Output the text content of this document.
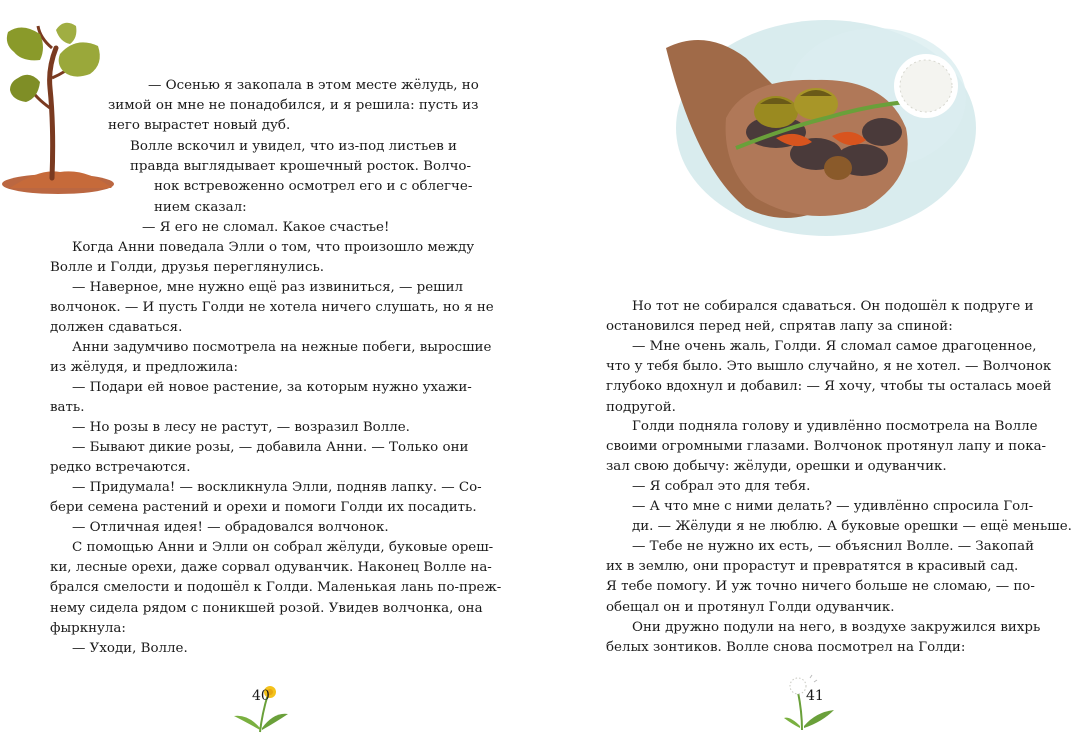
— Осенью я закопала в этом месте жёлудь, но
зимой он мне не понадобился, и я решила: пусть из
него вырастет новый дуб.
Волле вскочил и увидел, что из-под листьев и
правда выглядывает крошечный росток. Волчо-
нок встревоженно осмотрел его и с облегче-
нием сказал:
— Я его не сломал. Какое счастье!
Когда Анни поведала Элли о том, что произошло между
Волле и Голди, друзья переглянулись.
— Наверное, мне нужно ещё раз извиниться, — решил
волчонок. — И пусть Голди не хотела ничего слушать, но я не
должен сдаваться.
Анни задумчиво посмотрела на нежные побеги, выросшие
из жёлудя, и предложила:
— Подари ей новое растение, за которым нужно ухажи-
вать.
— Но розы в лесу не растут, — возразил Волле.
— Бывают дикие розы, — добавила Анни. — Только они
редко встречаются.
— Придумала! — воскликнула Элли, подняв лапку. — Со-
бери семена растений и орехи и помоги Голди их посадить.
— Отличная идея! — обрадовался волчонок.
С помощью Анни и Элли он собрал жёлуди, буковые ореш-
ки, лесные орехи, даже сорвал одуванчик. Наконец Волле на-
брался смелости и подошёл к Голди. Маленькая лань по-преж-
нему сидела рядом с поникшей розой. Увидев волчонка, она
фыркнула:
— Уходи, Волле.
40
Но тот не собирался сдаваться. Он подошёл к подруге и
остановился перед ней, спрятав лапу за спиной:
— Мне очень жаль, Голди. Я сломал самое драгоценное,
что у тебя было. Это вышло случайно, я не хотел. — Волчонок
глубоко вдохнул и добавил: — Я хочу, чтобы ты осталась моей
подругой.
Голди подняла голову и удивлённо посмотрела на Волле
своими огромными глазами. Волчонок протянул лапу и пока-
зал свою добычу: жёлуди, орешки и одуванчик.
— Я собрал это для тебя.
— А что мне с ними делать? — удивлённо спросила Гол-
ди. — Жёлуди я не люблю. А буковые орешки — ещё меньше.
— Тебе не нужно их есть, — объяснил Волле. — Закопай
их в землю, они прорастут и превратятся в красивый сад.
Я тебе помогу. И уж точно ничего больше не сломаю, — по-
обещал он и протянул Голди одуванчик.
Они дружно подули на него, в воздухе закружился вихрь
белых зонтиков. Волле снова посмотрел на Голди:
41
